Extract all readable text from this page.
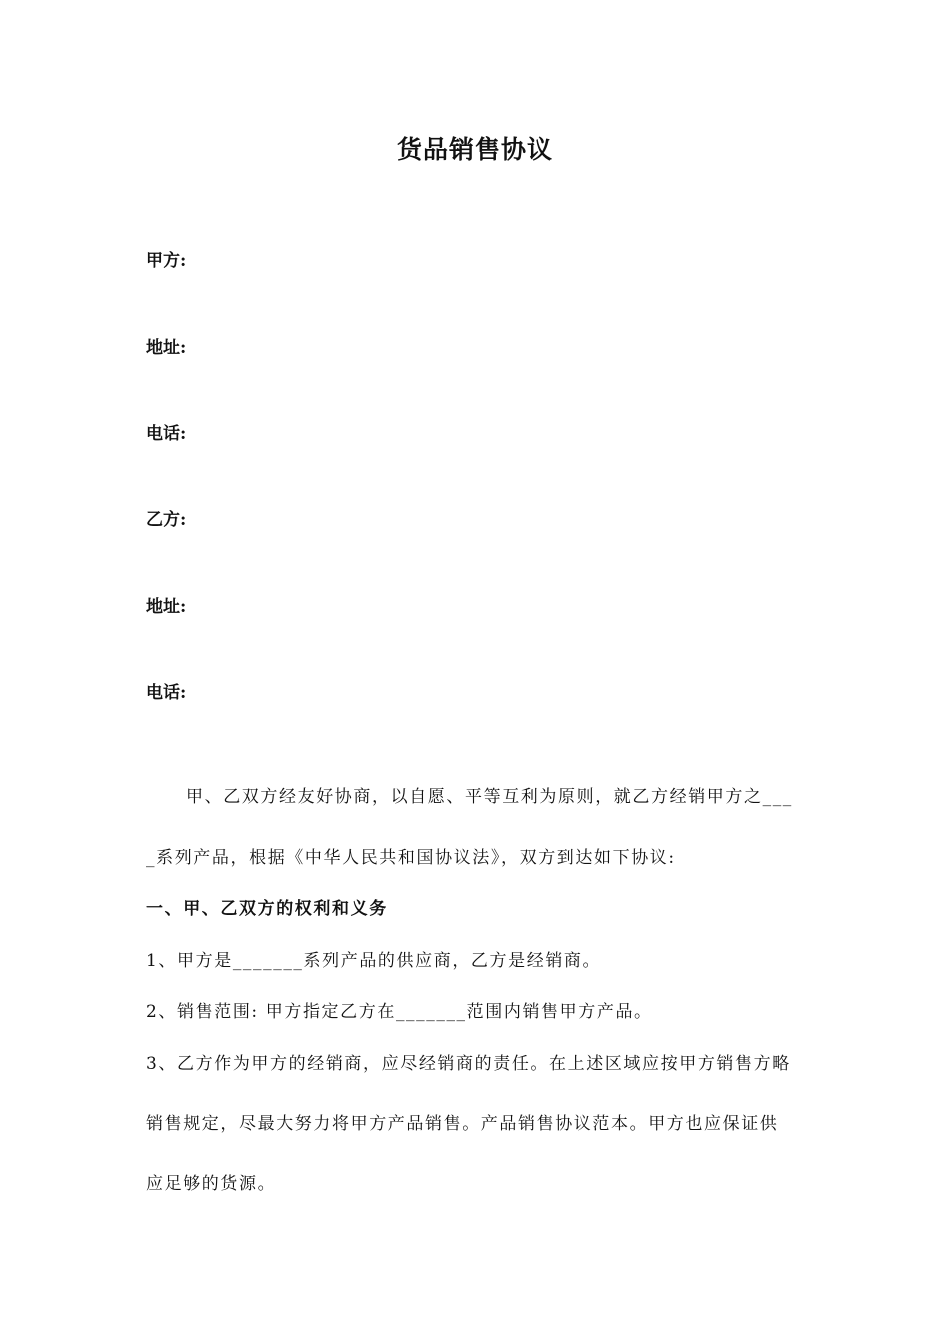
货品销售协议
甲方:
地址:
电话:
乙方:
地址:
电话:
甲、乙双方经友好协商，以自愿、平等互利为原则，就乙方经销甲方之___
_系列产品，根据《中华人民共和国协议法》，双方到达如下协议:
一、甲、乙双方的权利和义务
1、甲方是_______系列产品的供应商，乙方是经销商。
2、销售范围: 甲方指定乙方在_______范围内销售甲方产品。
3、乙方作为甲方的经销商，应尽经销商的责任。在上述区域应按甲方销售方略
销售规定，尽最大努力将甲方产品销售。产品销售协议范本。甲方也应保证供
应足够的货源。
